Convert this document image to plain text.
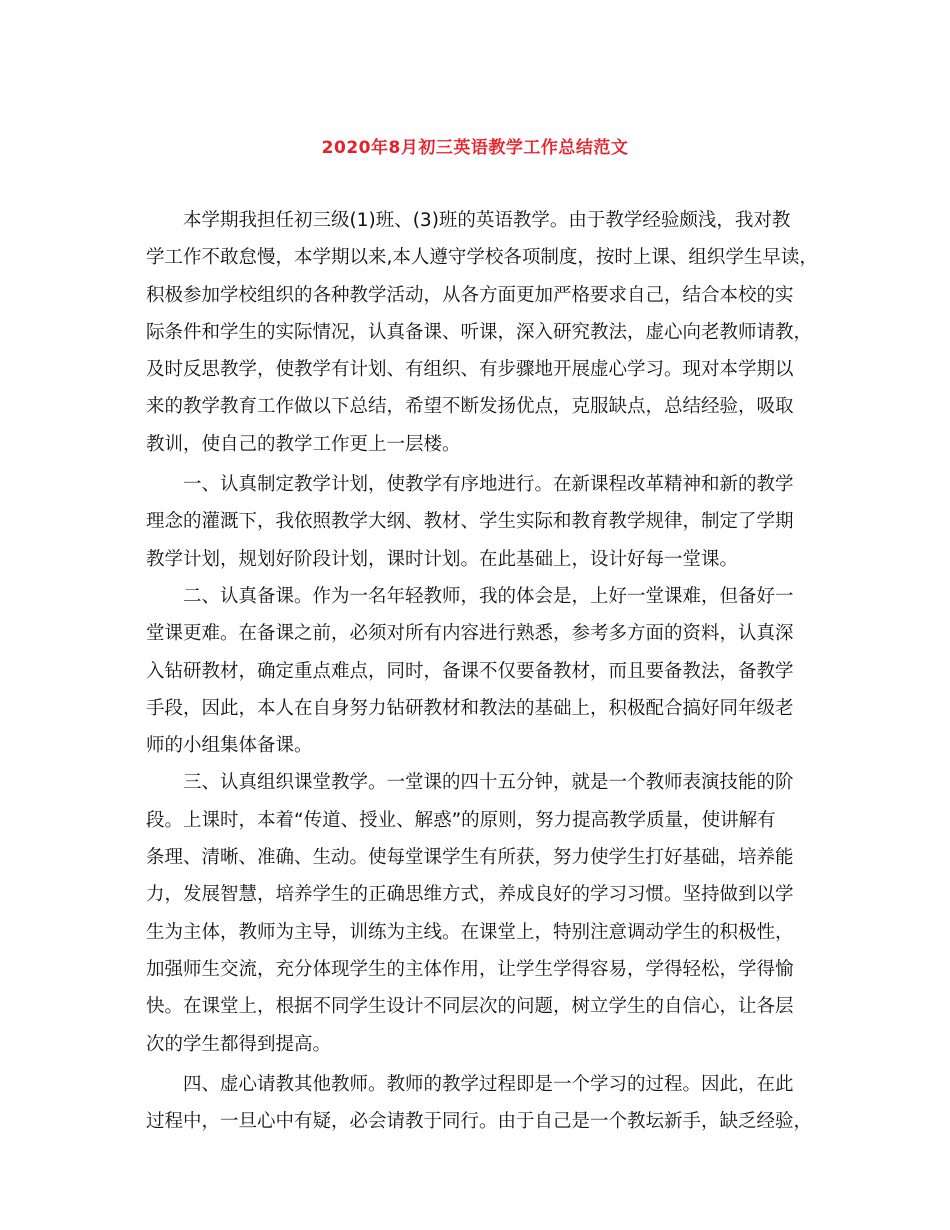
2020年8月初三英语教学工作总结范文
本学期我担任初三级(1)班、(3)班的英语教学。由于教学经验颇浅，我对教
学工作不敢怠慢，本学期以来,本人遵守学校各项制度，按时上课、组织学生早读，
积极参加学校组织的各种教学活动，从各方面更加严格要求自己，结合本校的实
际条件和学生的实际情况，认真备课、听课，深入研究教法，虚心向老教师请教，
及时反思教学，使教学有计划、有组织、有步骤地开展虚心学习。现对本学期以
来的教学教育工作做以下总结，希望不断发扬优点，克服缺点，总结经验，吸取
教训，使自己的教学工作更上一层楼。
一、认真制定教学计划，使教学有序地进行。在新课程改革精神和新的教学
理念的灌溉下，我依照教学大纲、教材、学生实际和教育教学规律，制定了学期
教学计划，规划好阶段计划，课时计划。在此基础上，设计好每一堂课。
二、认真备课。作为一名年轻教师，我的体会是，上好一堂课难，但备好一
堂课更难。在备课之前，必须对所有内容进行熟悉，参考多方面的资料，认真深
入钻研教材，确定重点难点，同时，备课不仅要备教材，而且要备教法，备教学
手段，因此，本人在自身努力钻研教材和教法的基础上，积极配合搞好同年级老
师的小组集体备课。
三、认真组织课堂教学。一堂课的四十五分钟，就是一个教师表演技能的阶
段。上课时，本着“传道、授业、解惑”的原则，努力提高教学质量，使讲解有
条理、清晰、准确、生动。使每堂课学生有所获，努力使学生打好基础，培养能
力，发展智慧，培养学生的正确思维方式，养成良好的学习习惯。坚持做到以学
生为主体，教师为主导，训练为主线。在课堂上，特别注意调动学生的积极性，
加强师生交流，充分体现学生的主体作用，让学生学得容易，学得轻松，学得愉
快。在课堂上，根据不同学生设计不同层次的问题，树立学生的自信心，让各层
次的学生都得到提高。
四、虚心请教其他教师。教师的教学过程即是一个学习的过程。因此，在此
过程中，一旦心中有疑，必会请教于同行。由于自己是一个教坛新手，缺乏经验，
